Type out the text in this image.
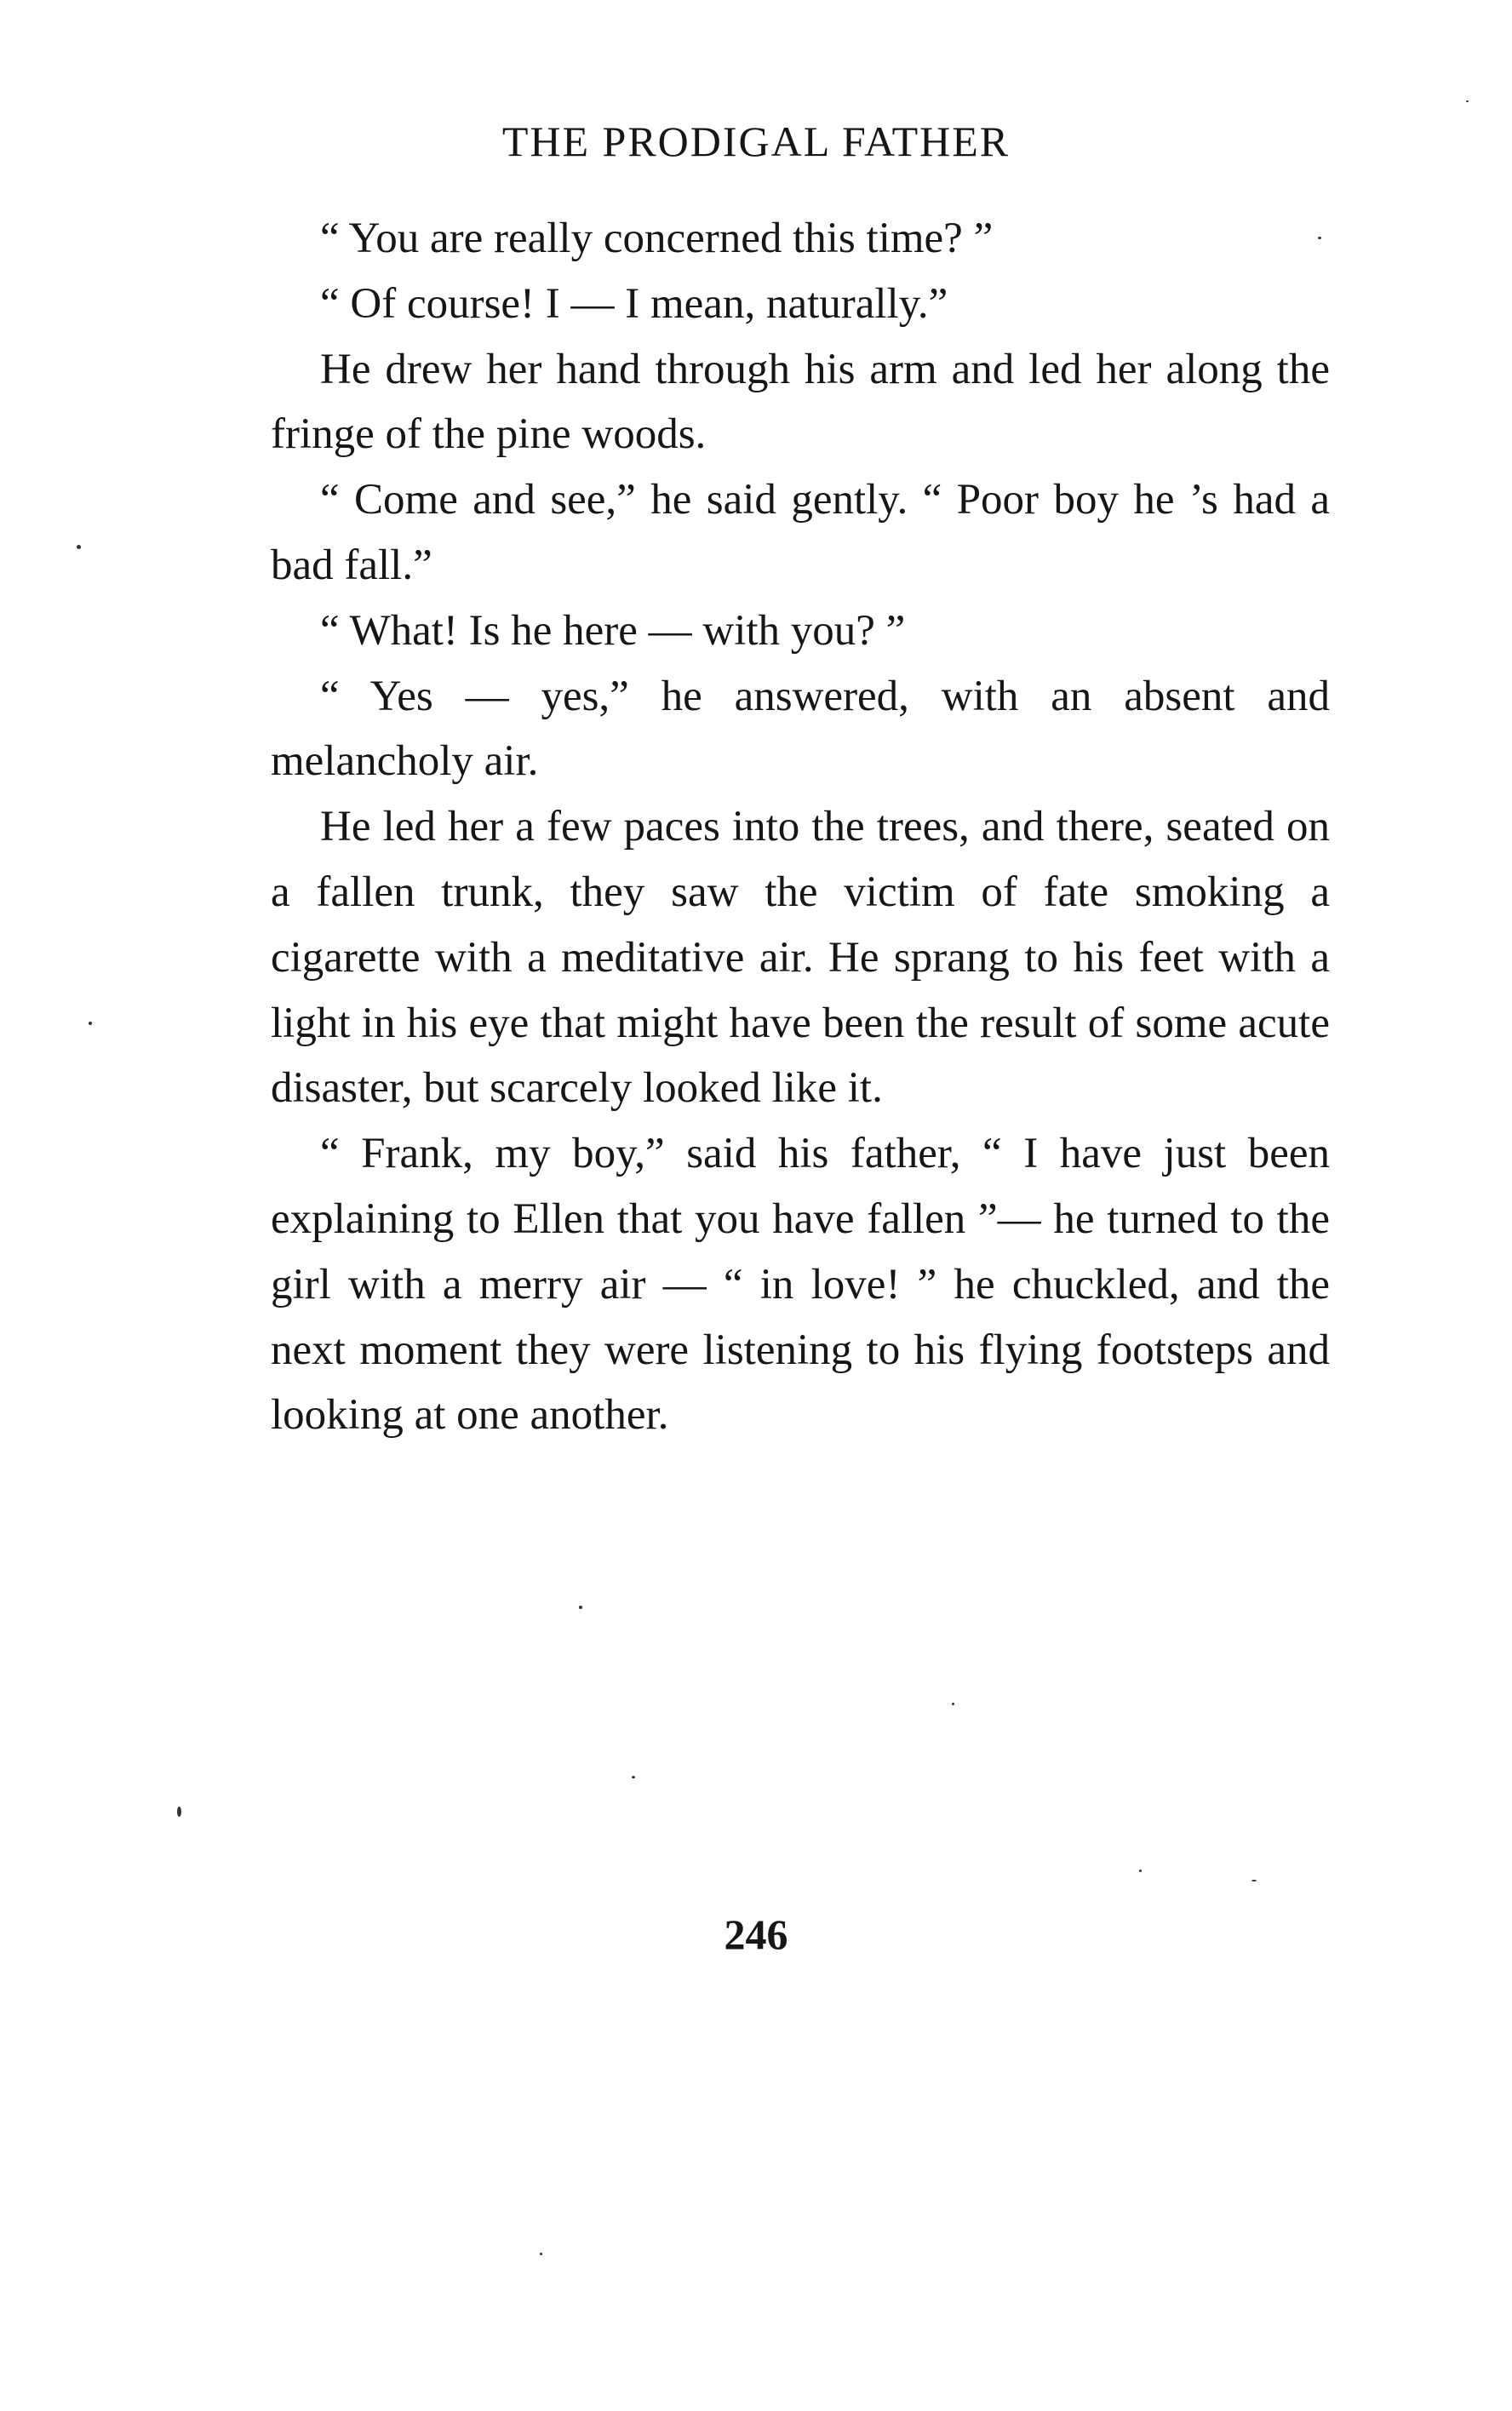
THE PRODIGAL FATHER

“ You are really concerned this time? ”

“ Of course! I — I mean, naturally.”

He drew her hand through his arm and led her along the fringe of the pine woods.

“ Come and see,” he said gently. “ Poor boy he ’s had a bad fall.”

“ What! Is he here — with you? ”

“ Yes — yes,” he answered, with an absent and melancholy air.

He led her a few paces into the trees, and there, seated on a fallen trunk, they saw the victim of fate smoking a cigarette with a meditative air. He sprang to his feet with a light in his eye that might have been the result of some acute disaster, but scarcely looked like it.

“ Frank, my boy,” said his father, “ I have just been explaining to Ellen that you have fallen ”— he turned to the girl with a merry air — “ in love! ” he chuckled, and the next moment they were listening to his flying footsteps and looking at one another.

246
